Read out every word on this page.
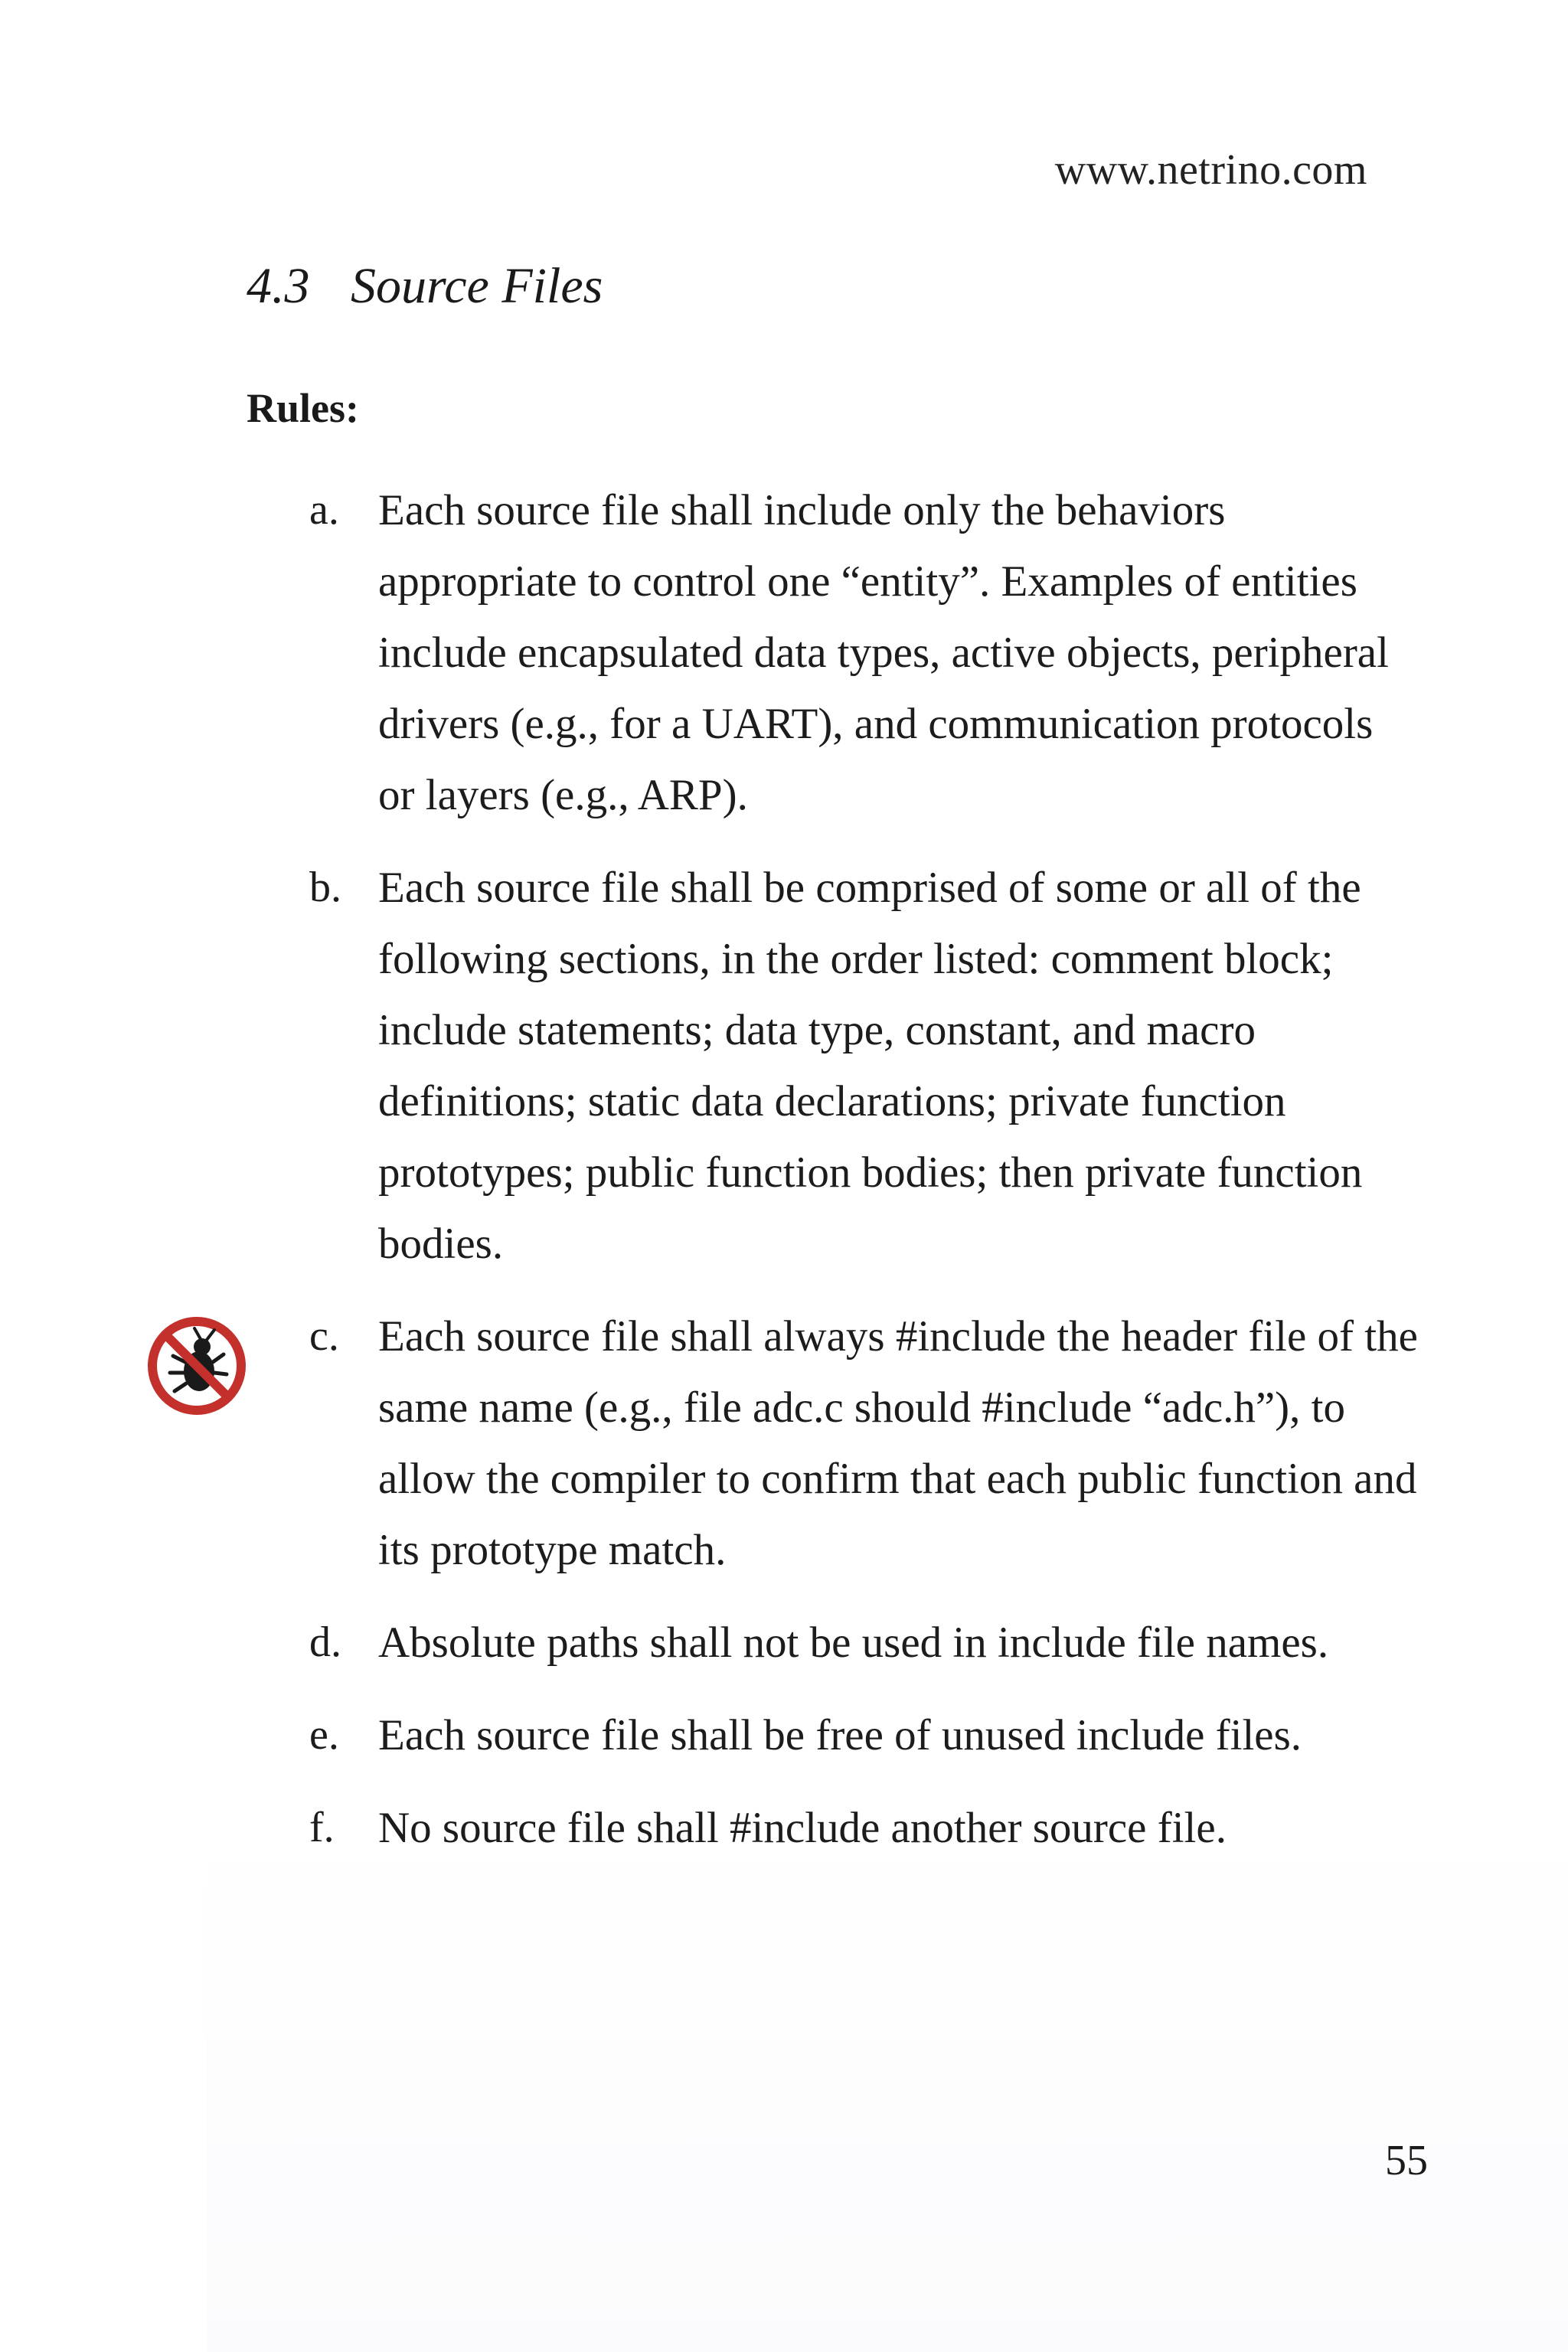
www.netrino.com
4.3 Source Files
Rules:
a. Each source file shall include only the behaviors appropriate to control one “entity”. Examples of entities include encapsulated data types, active objects, peripheral drivers (e.g., for a UART), and communication protocols or layers (e.g., ARP).
b. Each source file shall be comprised of some or all of the following sections, in the order listed: comment block; include statements; data type, constant, and macro definitions; static data declarations; private function prototypes; public function bodies; then private function bodies.
c. Each source file shall always #include the header file of the same name (e.g., file adc.c should #include “adc.h”), to allow the compiler to confirm that each public function and its prototype match.
d. Absolute paths shall not be used in include file names.
e. Each source file shall be free of unused include files.
f.	No source file shall #include another source file.
55
